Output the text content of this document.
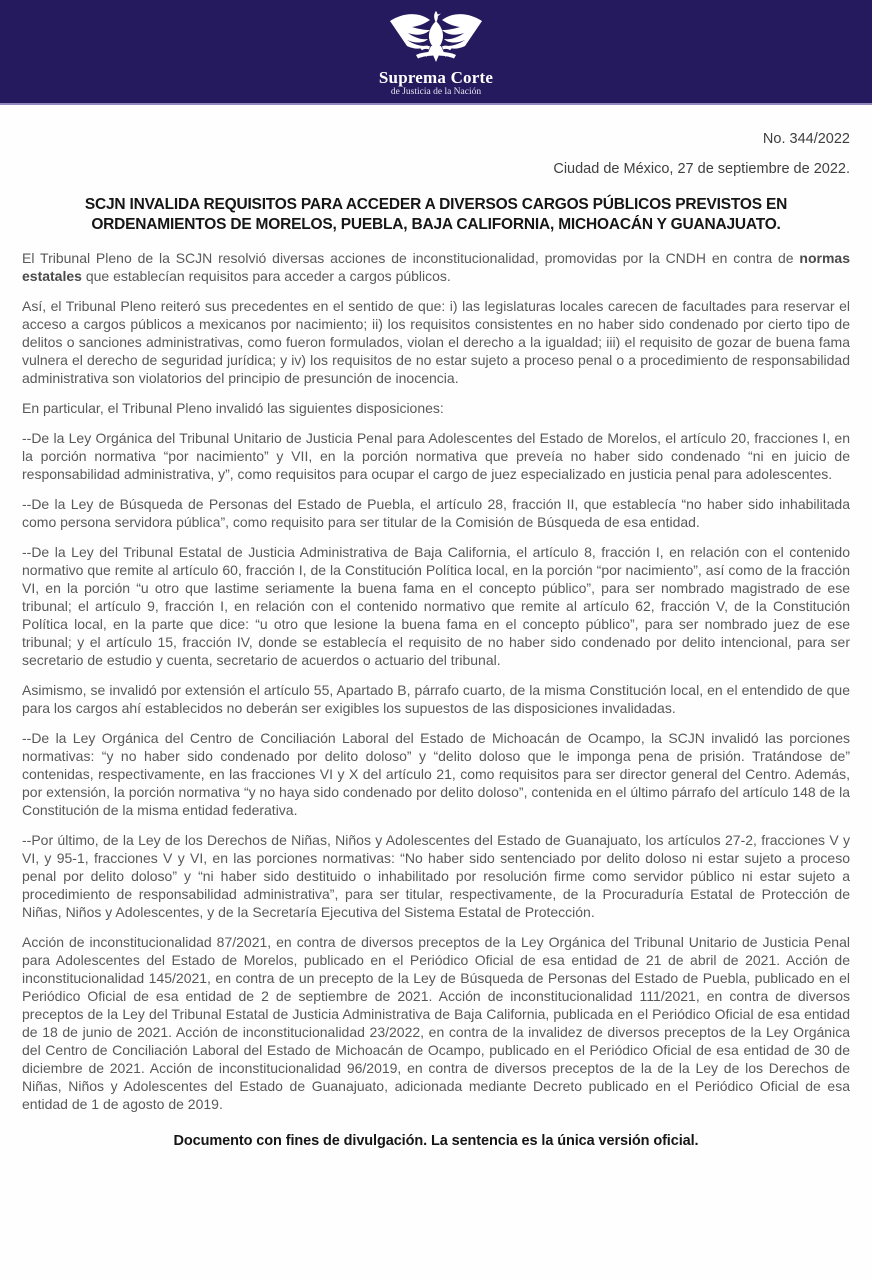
Suprema Corte
de Justicia de la Nación
No. 344/2022
Ciudad de México, 27 de septiembre de 2022.
SCJN INVALIDA REQUISITOS PARA ACCEDER A DIVERSOS CARGOS PÚBLICOS PREVISTOS EN ORDENAMIENTOS DE MORELOS, PUEBLA, BAJA CALIFORNIA, MICHOACÁN Y GUANAJUATO.

El Tribunal Pleno de la SCJN resolvió diversas acciones de inconstitucionalidad, promovidas por la CNDH en contra de normas estatales que establecían requisitos para acceder a cargos públicos.

Así, el Tribunal Pleno reiteró sus precedentes en el sentido de que: i) las legislaturas locales carecen de facultades para reservar el acceso a cargos públicos a mexicanos por nacimiento; ii) los requisitos consistentes en no haber sido condenado por cierto tipo de delitos o sanciones administrativas, como fueron formulados, violan el derecho a la igualdad; iii) el requisito de gozar de buena fama vulnera el derecho de seguridad jurídica; y iv) los requisitos de no estar sujeto a proceso penal o a procedimiento de responsabilidad administrativa son violatorios del principio de presunción de inocencia.

En particular, el Tribunal Pleno invalidó las siguientes disposiciones:

--De la Ley Orgánica del Tribunal Unitario de Justicia Penal para Adolescentes del Estado de Morelos, el artículo 20, fracciones I, en la porción normativa “por nacimiento” y VII, en la porción normativa que preveía no haber sido condenado “ni en juicio de responsabilidad administrativa, y”, como requisitos para ocupar el cargo de juez especializado en justicia penal para adolescentes.

--De la Ley de Búsqueda de Personas del Estado de Puebla, el artículo 28, fracción II, que establecía “no haber sido inhabilitada como persona servidora pública”, como requisito para ser titular de la Comisión de Búsqueda de esa entidad.

--De la Ley del Tribunal Estatal de Justicia Administrativa de Baja California, el artículo 8, fracción I, en relación con el contenido normativo que remite al artículo 60, fracción I, de la Constitución Política local, en la porción “por nacimiento”, así como de la fracción VI, en la porción “u otro que lastime seriamente la buena fama en el concepto público”, para ser nombrado magistrado de ese tribunal; el artículo 9, fracción I, en relación con el contenido normativo que remite al artículo 62, fracción V, de la Constitución Política local, en la parte que dice: “u otro que lesione la buena fama en el concepto público”, para ser nombrado juez de ese tribunal; y el artículo 15, fracción IV, donde se establecía el requisito de no haber sido condenado por delito intencional, para ser secretario de estudio y cuenta, secretario de acuerdos o actuario del tribunal.

Asimismo, se invalidó por extensión el artículo 55, Apartado B, párrafo cuarto, de la misma Constitución local, en el entendido de que para los cargos ahí establecidos no deberán ser exigibles los supuestos de las disposiciones invalidadas.

--De la Ley Orgánica del Centro de Conciliación Laboral del Estado de Michoacán de Ocampo, la SCJN invalidó las porciones normativas: “y no haber sido condenado por delito doloso” y “delito doloso que le imponga pena de prisión. Tratándose de” contenidas, respectivamente, en las fracciones VI y X del artículo 21, como requisitos para ser director general del Centro. Además, por extensión, la porción normativa “y no haya sido condenado por delito doloso”, contenida en el último párrafo del artículo 148 de la Constitución de la misma entidad federativa.

--Por último, de la Ley de los Derechos de Niñas, Niños y Adolescentes del Estado de Guanajuato, los artículos 27-2, fracciones V y VI, y 95-1, fracciones V y VI, en las porciones normativas: “No haber sido sentenciado por delito doloso ni estar sujeto a proceso penal por delito doloso” y “ni haber sido destituido o inhabilitado por resolución firme como servidor público ni estar sujeto a procedimiento de responsabilidad administrativa”, para ser titular, respectivamente, de la Procuraduría Estatal de Protección de Niñas, Niños y Adolescentes, y de la Secretaría Ejecutiva del Sistema Estatal de Protección.

Acción de inconstitucionalidad 87/2021, en contra de diversos preceptos de la Ley Orgánica del Tribunal Unitario de Justicia Penal para Adolescentes del Estado de Morelos, publicado en el Periódico Oficial de esa entidad de 21 de abril de 2021. Acción de inconstitucionalidad 145/2021, en contra de un precepto de la Ley de Búsqueda de Personas del Estado de Puebla, publicado en el Periódico Oficial de esa entidad de 2 de septiembre de 2021. Acción de inconstitucionalidad 111/2021, en contra de diversos preceptos de la Ley del Tribunal Estatal de Justicia Administrativa de Baja California, publicada en el Periódico Oficial de esa entidad de 18 de junio de 2021. Acción de inconstitucionalidad 23/2022, en contra de la invalidez de diversos preceptos de la Ley Orgánica del Centro de Conciliación Laboral del Estado de Michoacán de Ocampo, publicado en el Periódico Oficial de esa entidad de 30 de diciembre de 2021. Acción de inconstitucionalidad 96/2019, en contra de diversos preceptos de la de la Ley de los Derechos de Niñas, Niños y Adolescentes del Estado de Guanajuato, adicionada mediante Decreto publicado en el Periódico Oficial de esa entidad de 1 de agosto de 2019.

Documento con fines de divulgación. La sentencia es la única versión oficial.
